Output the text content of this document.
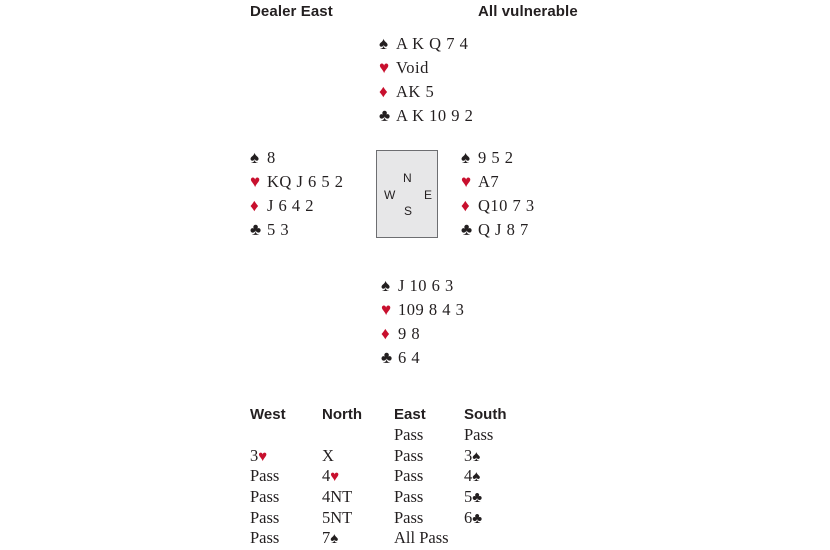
Dealer East	All vulnerable
♠ A K Q 7 4
♥ Void
♦ AK 5
♣ A K 10 9 2
♠ 8
♥ KQ J 6 5 2
♦ J 6 4 2
♣ 5 3
N
W E
S
♠ 9 5 2
♥ A7
♦ Q10 7 3
♣ Q J 8 7
♠ J 10 6 3
♥ 109 8 4 3
♦ 9 8
♣ 6 4
West
3♥
Pass
Pass
Pass
Pass
North
X
4♥
4NT
5NT
7♠
East
Pass
Pass
Pass
Pass
Pass
All Pass
South
Pass
3♠
4♠
5♣
6♣
